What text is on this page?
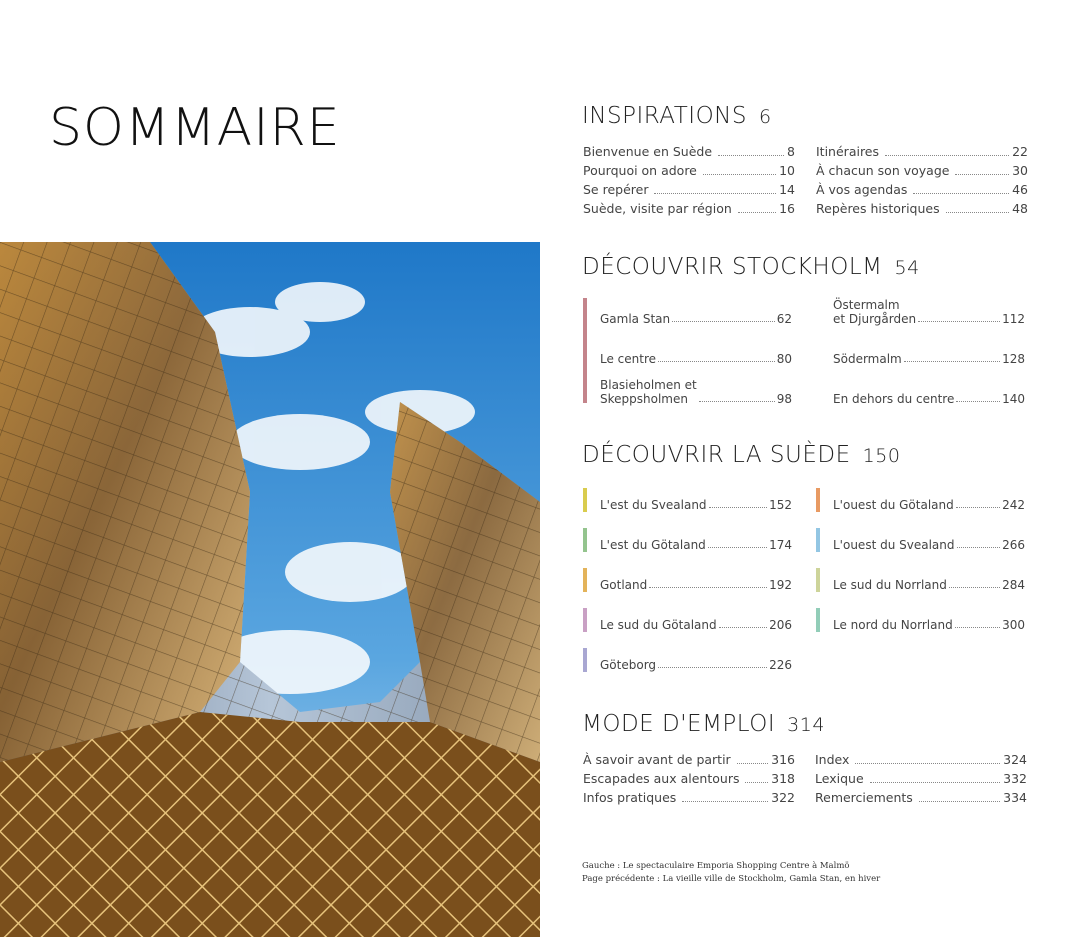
SOMMAIRE	INSPIRATIONS 6
Bienvenue en Suède	8
Pourquoi on adore	10
Se repérer	14
Suède, visite par région	16
Itinéraires	22
À chacun son voyage	30
À vos agendas	46
Repères historiques	48
DÉCOUVRIR STOCKHOLM 54
Gamla Stan	62
Le centre	80
Blasieholmen et
Skeppsholmen	98
Östermalm
et Djurgården	112
Södermalm	128
En dehors du centre	140
DÉCOUVRIR LA SUÈDE 150
L'est du Svealand	152
L'est du Götaland	174
Gotland	192
Le sud du Götaland	206
Göteborg	226
L'ouest du Götaland	242
L'ouest du Svealand	266
Le sud du Norrland	284
Le nord du Norrland	300
MODE D'EMPLOI 314
À savoir avant de partir	316
Escapades aux alentours	318
Infos pratiques	322
Index	324
Lexique	332
Remerciements	334
Gauche : Le spectaculaire Emporia Shopping Centre à Malmö
Page précédente : La vieille ville de Stockholm, Gamla Stan, en hiver
